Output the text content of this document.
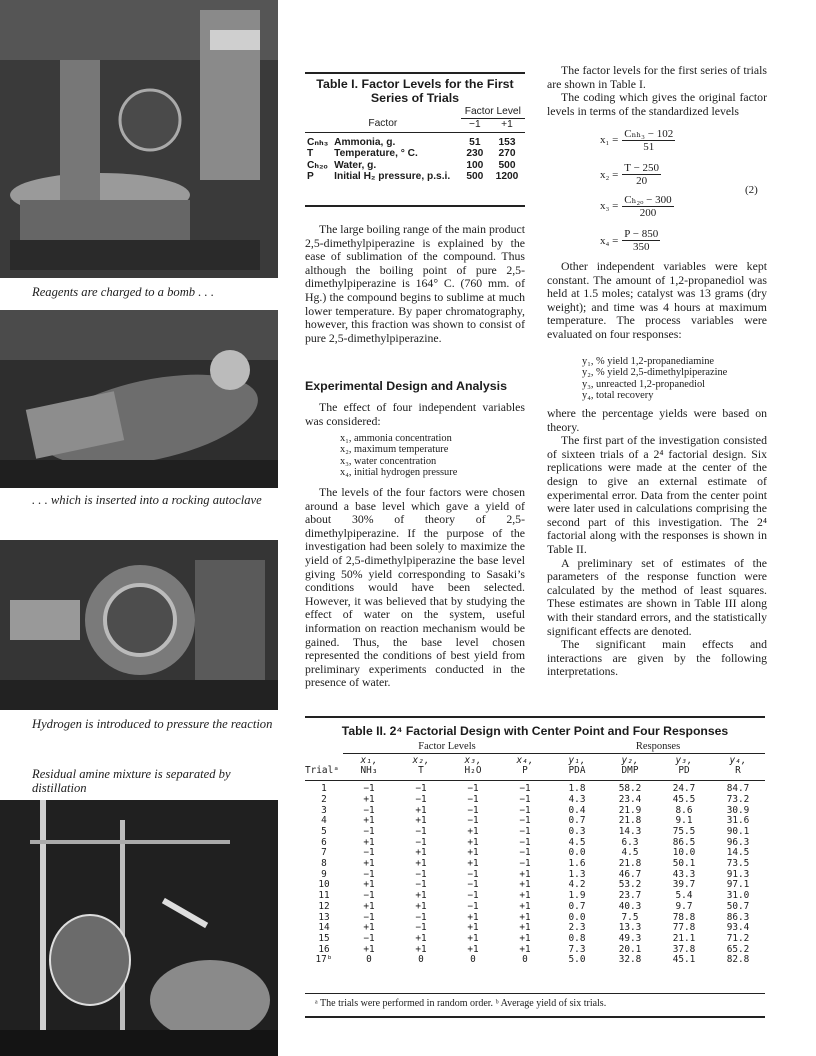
Reagents are charged to a bomb . . .
. . . which is inserted into a rocking autoclave
Hydrogen is introduced to pressure the reaction
Residual amine mixture is separated by distillation
Table I. Factor Levels for the First Series of Trials
		Factor Level	
Factor		−1	+1
Cₙₕ₃	Ammonia, g.	51	153
T	Temperature, ° C.	230	270
Cₕ₂ₒ	Water, g.	100	500
P	Initial H₂ pressure, p.s.i.	500	1200

The large boiling range of the main product 2,5-dimethylpiperazine is explained by the ease of sublimation of the compound. Thus although the boiling point of pure 2,5-dimethylpiperazine is 164° C. (760 mm. of Hg.) the compound begins to sublime at much lower temperature. By paper chromatography, however, this fraction was shown to consist of pure 2,5-dimethylpiperazine.

Experimental Design and Analysis

The effect of four independent variables was considered:

x₁, ammonia concentration
x₂, maximum temperature
x₃, water concentration
x₄, initial hydrogen pressure

The levels of the four factors were chosen around a base level which gave a yield of about 30% of theory of 2,5-dimethylpiperazine. If the purpose of the investigation had been solely to maximize the yield of 2,5-dimethylpiperazine the base level giving 50% yield corresponding to Sasaki’s conditions would have been selected. However, it was believed that by studying the effect of water on the system, useful information on reaction mechanism would be gained. Thus, the base level chosen represented the conditions of best yield from preliminary experiments conducted in the presence of water.

The factor levels for the first series of trials are shown in Table I.

The coding which gives the original factor levels in terms of the standardized levels

$x_1 = \frac{\text{Cₙₕ₃ − 102}}{51}$
$x_2 = \frac{T - 250}{20}$
$x_3 = \frac{\text{Cₕ₂ₒ − 300}}{200}$
$x_4 = \frac{P - 850}{350}$
(2)

Other independent variables were kept constant. The amount of 1,2-propanediol was held at 1.5 moles; catalyst was 13 grams (dry weight); and time was 4 hours at maximum temperature. The process variables were evaluated on four responses:

y₁, % yield 1,2-propanediamine
y₂, % yield 2,5-dimethylpiperazine
y₃, unreacted 1,2-propanediol
y₄, total recovery

where the percentage yields were based on theory.

The first part of the investigation consisted of sixteen trials of a 2⁴ factorial design. Six replications were made at the center of the design to give an external estimate of experimental error. Data from the center point were later used in calculations comprising the second part of this investigation. The 2⁴ factorial along with the responses is shown in Table II.

A preliminary set of estimates of the parameters of the response function were calculated by the method of least squares. These estimates are shown in Table III along with their standard errors, and the statistically significant effects are denoted.

The significant main effects and interactions are given by the following interpretations.

Table II. 2⁴ Factorial Design with Center Point and Four Responses
	Factor Levels				Responses			
	x₁,	x₂,	x₃,	x₄,	y₁,	y₂,	y₃,	y₄,
Trialᵃ	NH₃	T	H₂O	P	PDA	DMP	PD	R
1	−1	−1	−1	−1	1.8	58.2	24.7	84.7
2	+1	−1	−1	−1	4.3	23.4	45.5	73.2
3	−1	+1	−1	−1	0.4	21.9	8.6	30.9
4	+1	+1	−1	−1	0.7	21.8	9.1	31.6
5	−1	−1	+1	−1	0.3	14.3	75.5	90.1
6	+1	−1	+1	−1	4.5	6.3	86.5	96.3
7	−1	+1	+1	−1	0.0	4.5	10.0	14.5
8	+1	+1	+1	−1	1.6	21.8	50.1	73.5
9	−1	−1	−1	+1	1.3	46.7	43.3	91.3
10	+1	−1	−1	+1	4.2	53.2	39.7	97.1
11	−1	+1	−1	+1	1.9	23.7	5.4	31.0
12	+1	+1	−1	+1	0.7	40.3	9.7	50.7
13	−1	−1	+1	+1	0.0	7.5	78.8	86.3
14	+1	−1	+1	+1	2.3	13.3	77.8	93.4
15	−1	+1	+1	+1	0.8	49.3	21.1	71.2
16	+1	+1	+1	+1	7.3	20.1	37.8	65.2
17ᵇ	0	0	0	0	5.0	32.8	45.1	82.8
ᵃ The trials were performed in random order. ᵇ Average yield of six trials.
